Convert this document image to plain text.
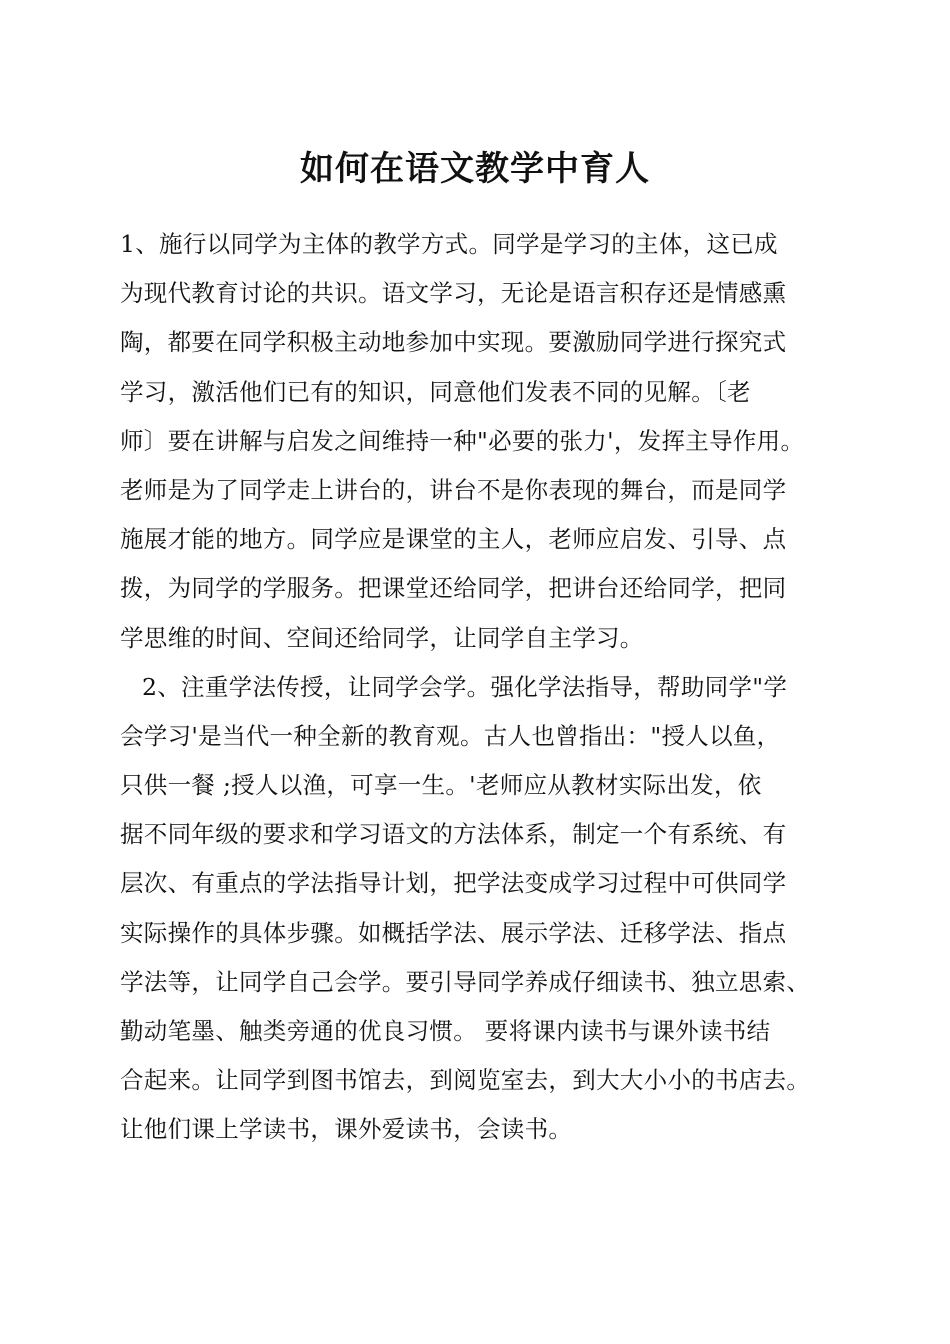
如何在语文教学中育人
1、施行以同学为主体的教学方式。同学是学习的主体，这已成
为现代教育讨论的共识。语文学习，无论是语言积存还是情感熏
陶，都要在同学积极主动地参加中实现。要激励同学进行探究式
学习，激活他们已有的知识，同意他们发表不同的见解。〔老
师〕要在讲解与启发之间维持一种"必要的张力'，发挥主导作用。
老师是为了同学走上讲台的，讲台不是你表现的舞台，而是同学
施展才能的地方。同学应是课堂的主人，老师应启发、引导、点
拨，为同学的学服务。把课堂还给同学，把讲台还给同学，把同
学思维的时间、空间还给同学，让同学自主学习。
2、注重学法传授，让同学会学。强化学法指导，帮助同学"学
会学习'是当代一种全新的教育观。古人也曾指出："授人以鱼，
只供一餐 ;授人以渔，可享一生。'老师应从教材实际出发，依
据不同年级的要求和学习语文的方法体系，制定一个有系统、有
层次、有重点的学法指导计划，把学法变成学习过程中可供同学
实际操作的具体步骤。如概括学法、展示学法、迁移学法、指点
学法等，让同学自己会学。要引导同学养成仔细读书、独立思索、
勤动笔墨、触类旁通的优良习惯。 要将课内读书与课外读书结
合起来。让同学到图书馆去，到阅览室去，到大大小小的书店去。
让他们课上学读书，课外爱读书，会读书。
